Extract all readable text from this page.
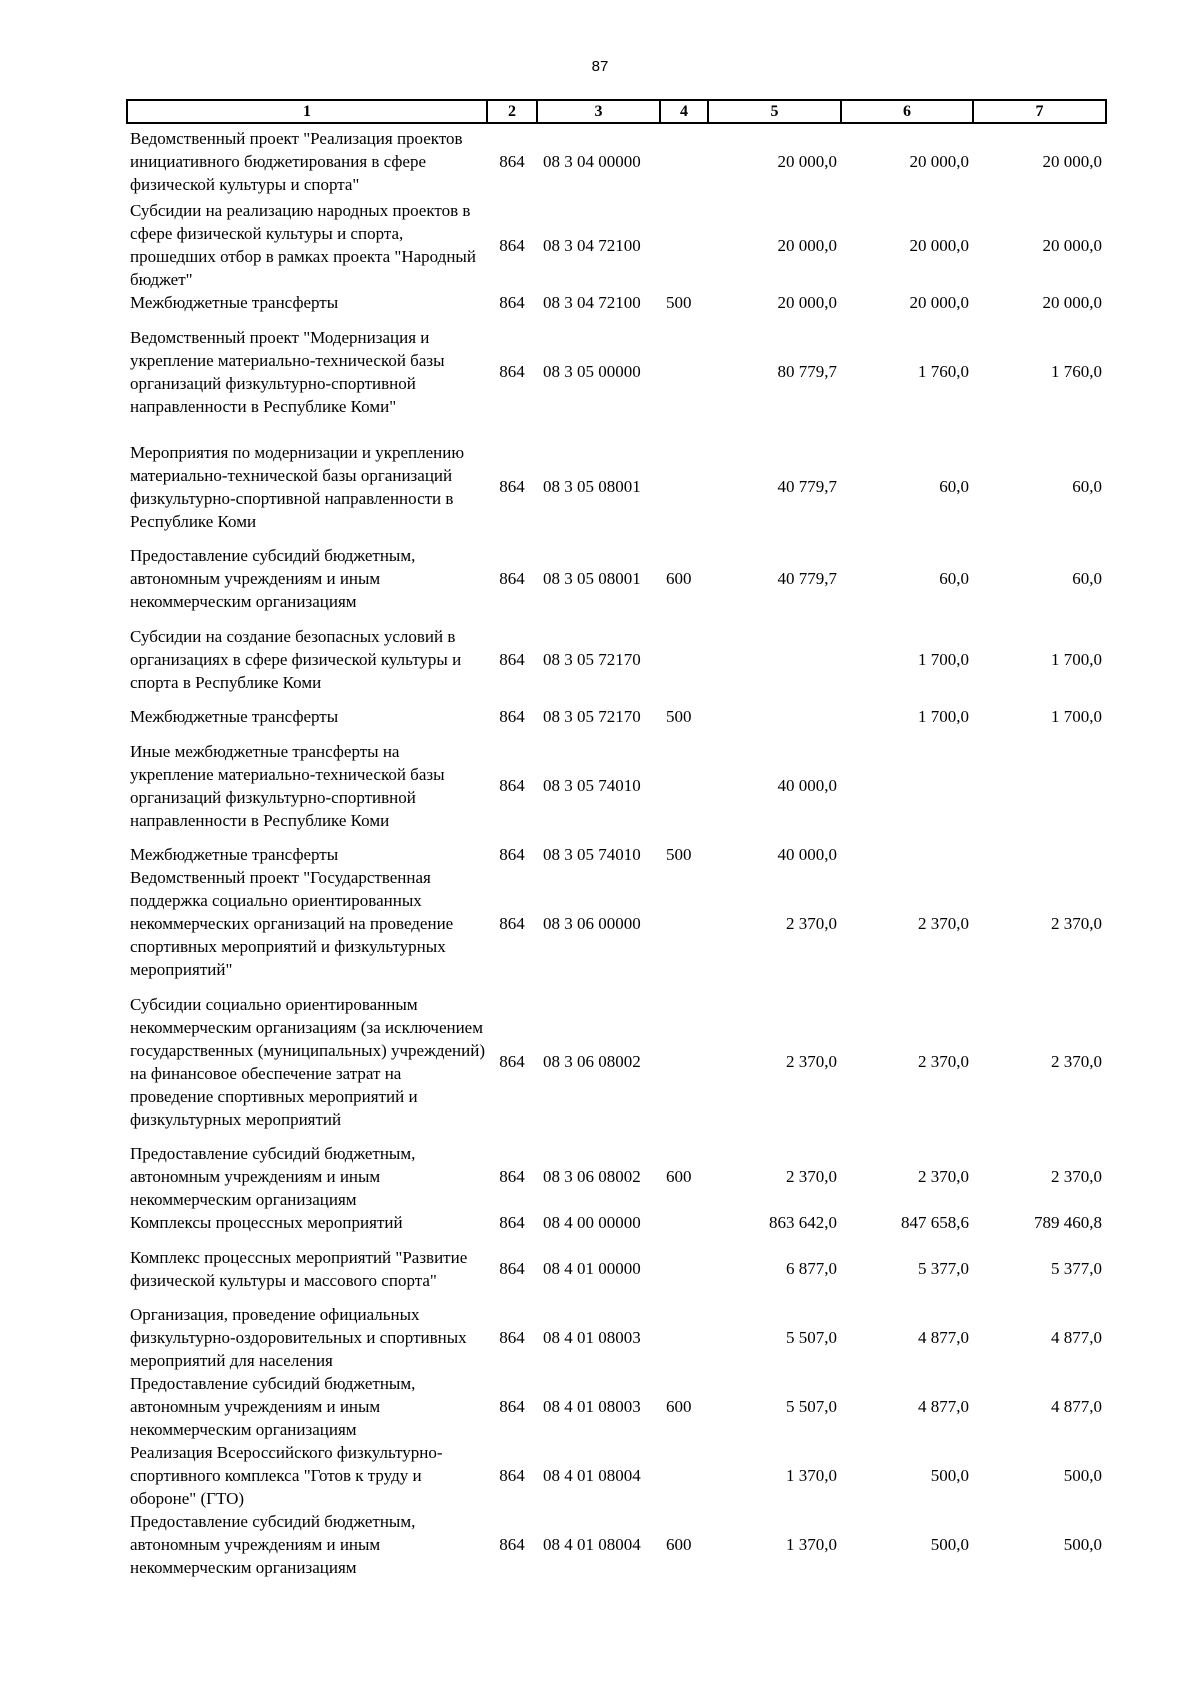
87
1	2	3	4	5	6	7
Ведомственный проект "Реализация проектов инициативного бюджетирования в сфере физической культуры и спорта"	864	08 3 04 00000		20 000,0	20 000,0	20 000,0
Субсидии на реализацию народных проектов в сфере физической культуры и спорта, прошедших отбор в рамках проекта "Народный бюджет"	864	08 3 04 72100		20 000,0	20 000,0	20 000,0
Межбюджетные трансферты	864	08 3 04 72100	500	20 000,0	20 000,0	20 000,0
Ведомственный проект "Модернизация и укрепление материально-технической базы организаций физкультурно-спортивной направленности в Республике Коми"	864	08 3 05 00000		80 779,7	1 760,0	1 760,0
Мероприятия по модернизации и укреплению материально-технической базы организаций физкультурно-спортивной направленности в Республике Коми	864	08 3 05 08001		40 779,7	60,0	60,0
Предоставление субсидий бюджетным, автономным учреждениям и иным некоммерческим организациям	864	08 3 05 08001	600	40 779,7	60,0	60,0
Субсидии на создание безопасных условий в организациях в сфере физической культуры и спорта в Республике Коми	864	08 3 05 72170			1 700,0	1 700,0
Межбюджетные трансферты	864	08 3 05 72170	500		1 700,0	1 700,0
Иные межбюджетные трансферты на укрепление материально-технической базы организаций физкультурно-спортивной направленности в Республике Коми	864	08 3 05 74010		40 000,0		
Межбюджетные трансферты	864	08 3 05 74010	500	40 000,0		
Ведомственный проект "Государственная поддержка социально ориентированных некоммерческих организаций на проведение спортивных мероприятий и физкультурных мероприятий"	864	08 3 06 00000		2 370,0	2 370,0	2 370,0
Субсидии социально ориентированным некоммерческим организациям (за исключением государственных (муниципальных) учреждений) на финансовое обеспечение затрат на проведение спортивных мероприятий и физкультурных мероприятий	864	08 3 06 08002		2 370,0	2 370,0	2 370,0
Предоставление субсидий бюджетным, автономным учреждениям и иным некоммерческим организациям	864	08 3 06 08002	600	2 370,0	2 370,0	2 370,0
Комплексы процессных мероприятий	864	08 4 00 00000		863 642,0	847 658,6	789 460,8
Комплекс процессных мероприятий "Развитие физической культуры и массового спорта"	864	08 4 01 00000		6 877,0	5 377,0	5 377,0
Организация, проведение официальных физкультурно-оздоровительных и спортивных мероприятий для населения	864	08 4 01 08003		5 507,0	4 877,0	4 877,0
Предоставление субсидий бюджетным, автономным учреждениям и иным некоммерческим организациям	864	08 4 01 08003	600	5 507,0	4 877,0	4 877,0
Реализация Всероссийского физкультурно-спортивного комплекса "Готов к труду и обороне" (ГТО)	864	08 4 01 08004		1 370,0	500,0	500,0
Предоставление субсидий бюджетным, автономным учреждениям и иным некоммерческим организациям	864	08 4 01 08004	600	1 370,0	500,0	500,0
